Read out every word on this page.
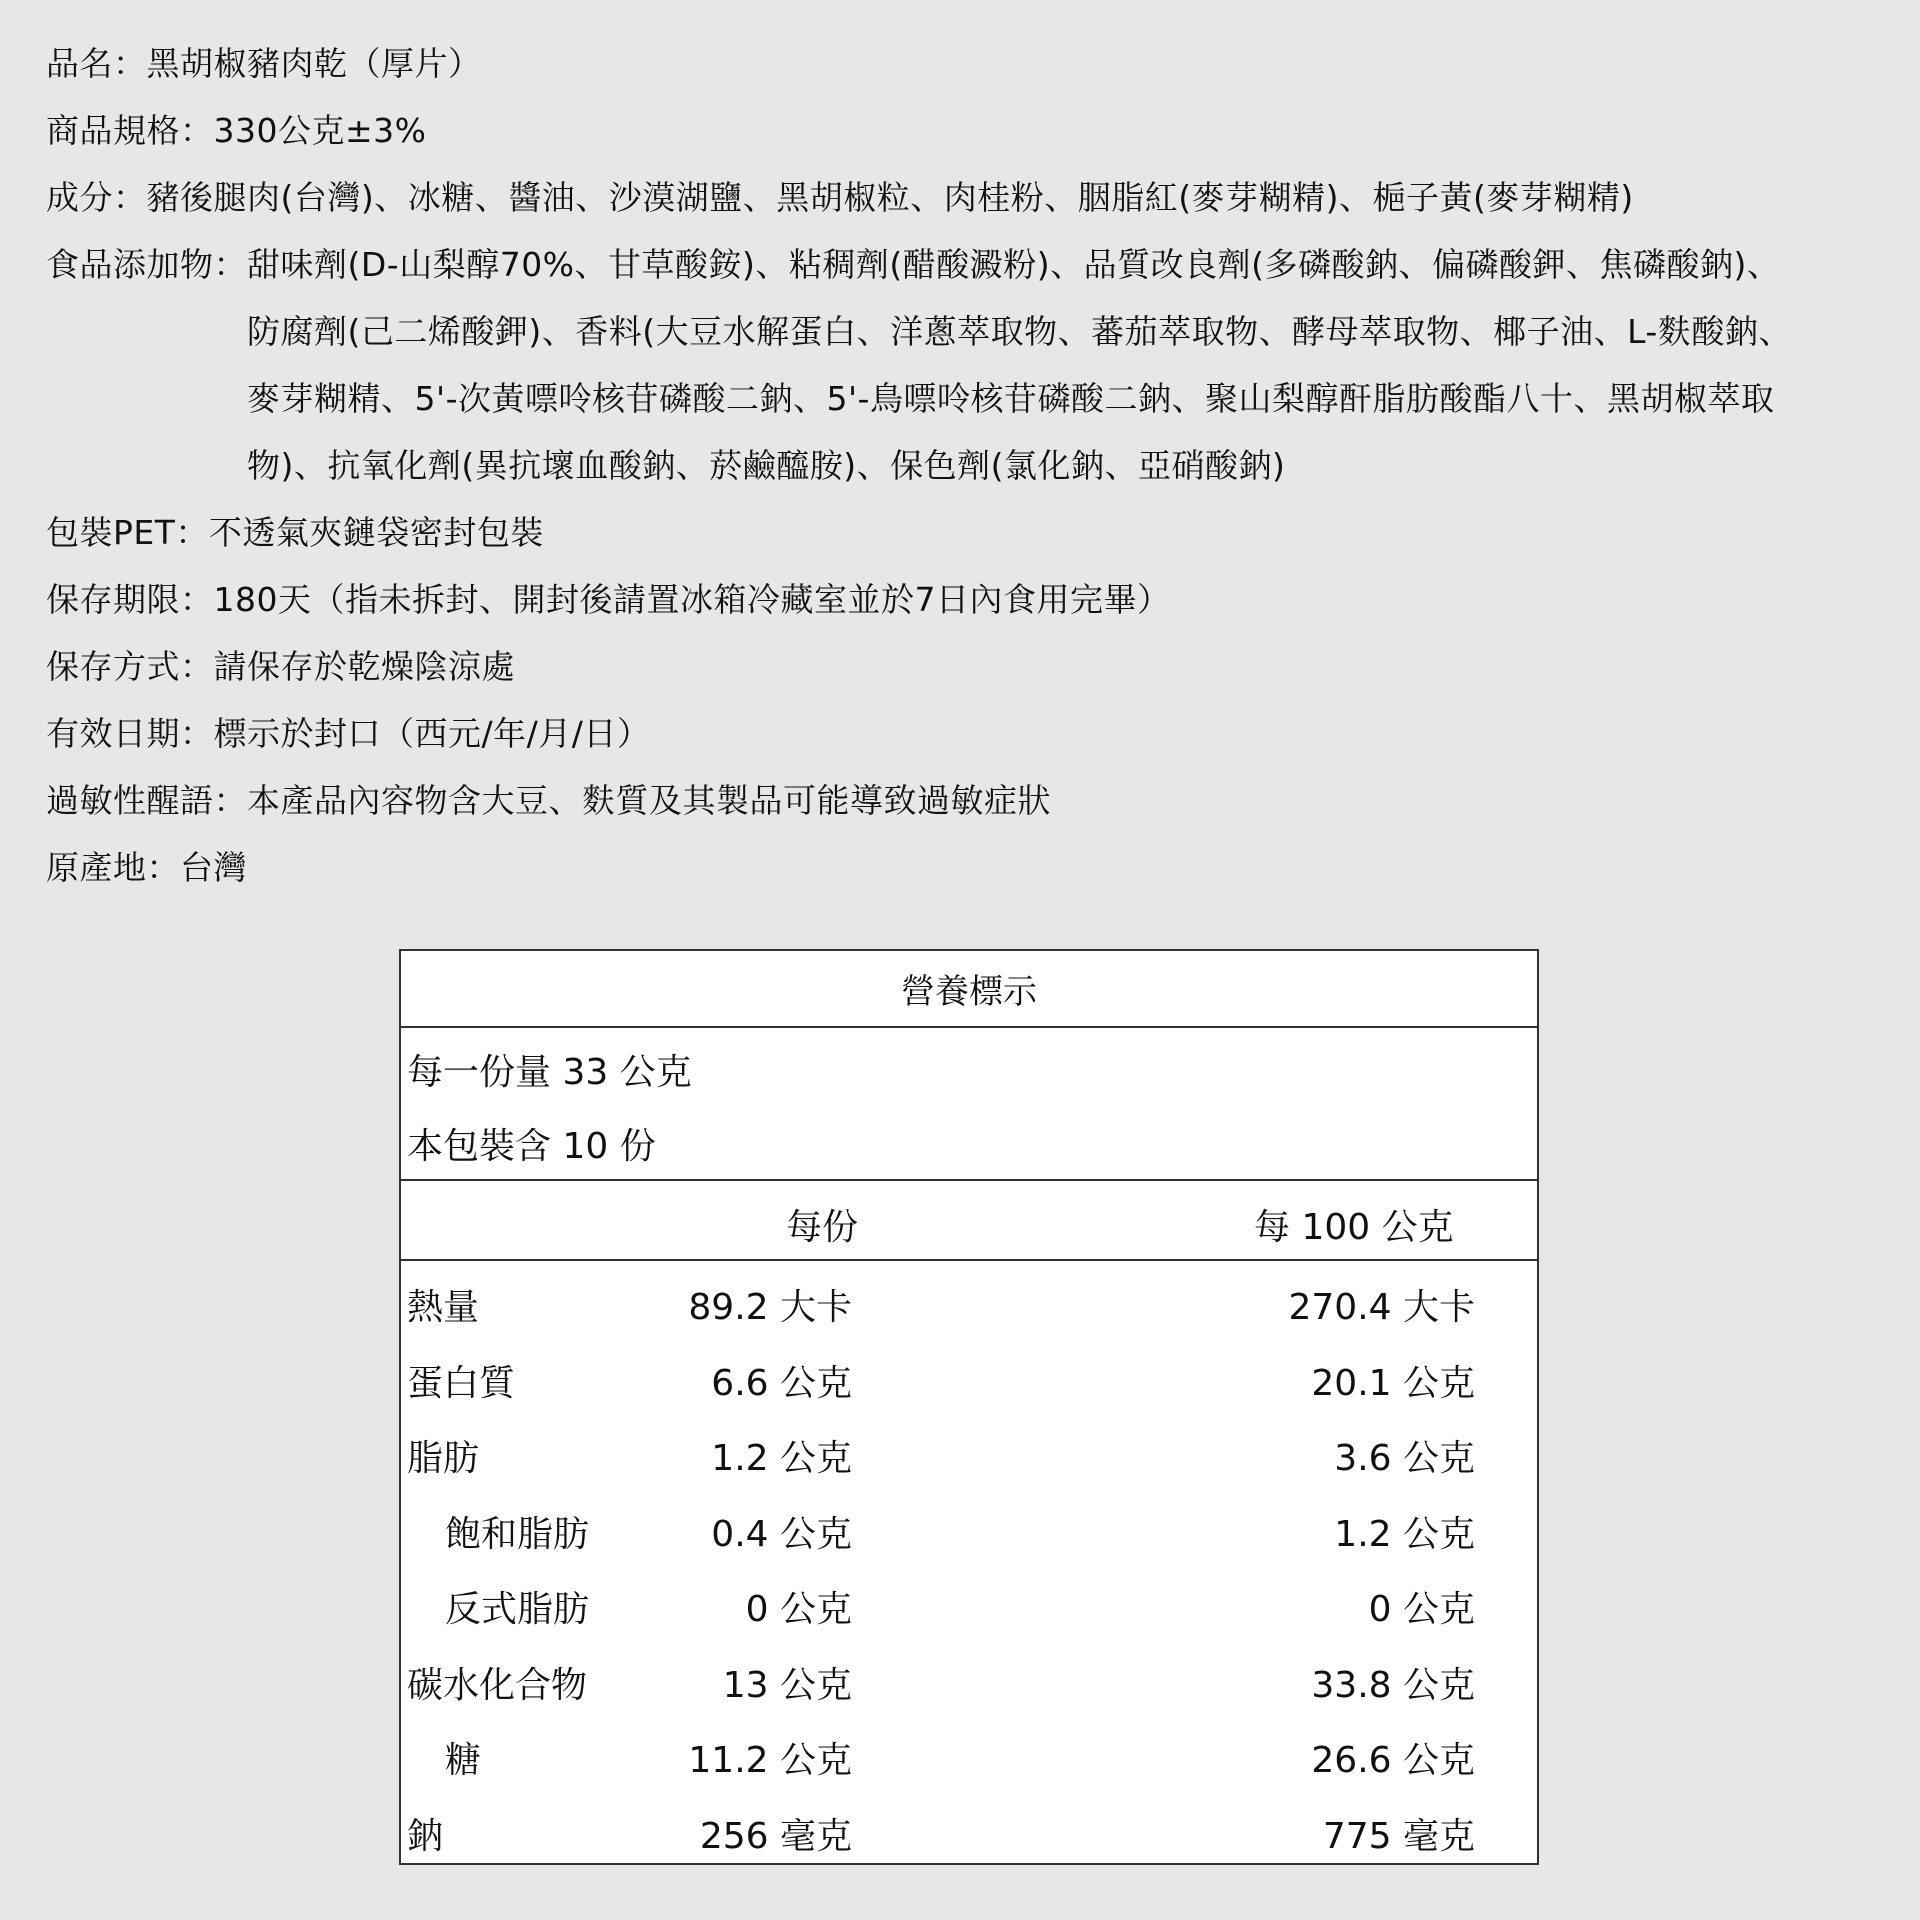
品名： 黑胡椒豬肉乾（厚片）
商品規格： 330公克±3%
成分： 豬後腿肉(台灣)、冰糖、醬油、沙漠湖鹽、黑胡椒粒、肉桂粉、胭脂紅(麥芽糊精)、梔子黃(麥芽糊精)
食品添加物： 甜味劑(D-山梨醇70%、甘草酸銨)、粘稠劑(醋酸澱粉)、品質改良劑(多磷酸鈉、偏磷酸鉀、焦磷酸鈉)、
防腐劑(己二烯酸鉀)、香料(大豆水解蛋白、洋蔥萃取物、蕃茄萃取物、酵母萃取物、椰子油、L-麩酸鈉、
麥芽糊精、5'-次黃嘌呤核苷磷酸二鈉、5'-鳥嘌呤核苷磷酸二鈉、聚山梨醇酐脂肪酸酯八十、黑胡椒萃取
物)、抗氧化劑(異抗壞血酸鈉、菸鹼醯胺)、保色劑(氯化鈉、亞硝酸鈉)
包裝PET： 不透氣夾鏈袋密封包裝
保存期限： 180天（指未拆封、開封後請置冰箱冷藏室並於7日內食用完畢）
保存方式： 請保存於乾燥陰涼處
有效日期： 標示於封口（西元/年/月/日）
過敏性醒語： 本產品內容物含大豆、麩質及其製品可能導致過敏症狀
原產地： 台灣
營養標示
每一份量 33 公克
本包裝含 10 份
每份	每 100 公克
熱量	89.2 大卡	270.4 大卡
蛋白質	6.6 公克	20.1 公克
脂肪	1.2 公克	3.6 公克
飽和脂肪	0.4 公克	1.2 公克
反式脂肪	0 公克	0 公克
碳水化合物	13 公克	33.8 公克
糖	11.2 公克	26.6 公克
鈉	256 毫克	775 毫克
